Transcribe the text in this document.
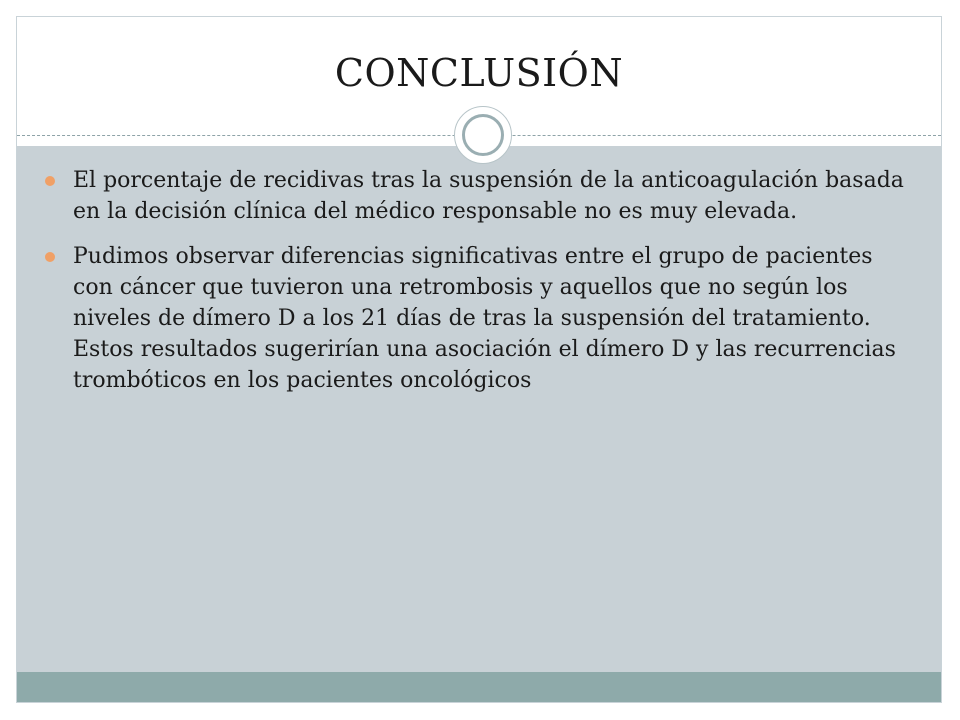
CONCLUSIÓN
El porcentaje de recidivas tras la suspensión de la anticoagulación basada en la decisión clínica del médico responsable no es muy elevada.
Pudimos observar diferencias significativas entre el grupo de pacientes con cáncer que tuvieron una retrombosis y aquellos que no según los niveles de dímero D a los 21 días de tras la suspensión del tratamiento. Estos resultados sugerirían una asociación el dímero D y las recurrencias trombóticos en los pacientes oncológicos
